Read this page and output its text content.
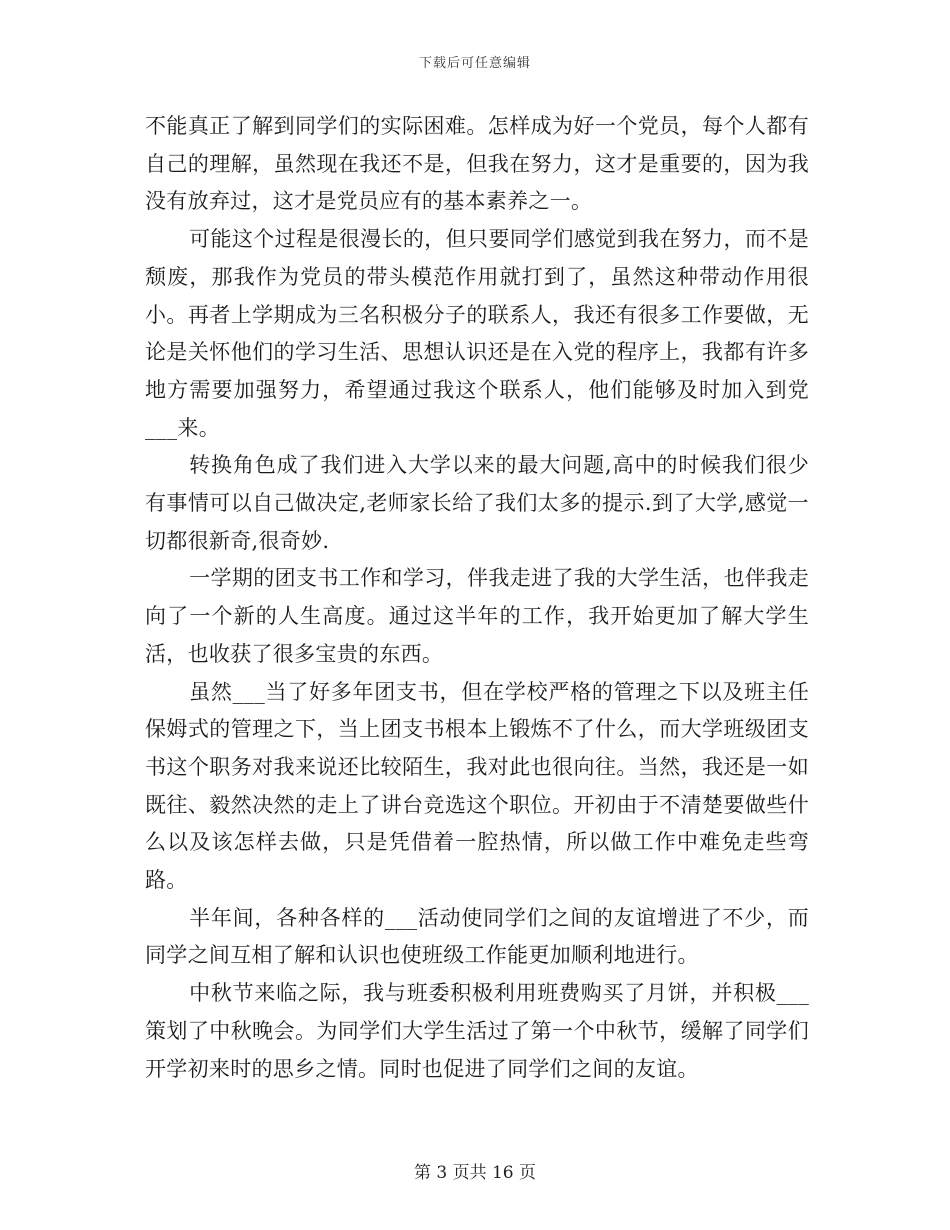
下载后可任意编辑

不能真正了解到同学们的实际困难。怎样成为好一个党员，每个人都有自己的理解，虽然现在我还不是，但我在努力，这才是重要的，因为我没有放弃过，这才是党员应有的基本素养之一。

可能这个过程是很漫长的，但只要同学们感觉到我在努力，而不是颓废，那我作为党员的带头模范作用就打到了，虽然这种带动作用很小。再者上学期成为三名积极分子的联系人，我还有很多工作要做，无论是关怀他们的学习生活、思想认识还是在入党的程序上，我都有许多地方需要加强努力，希望通过我这个联系人，他们能够及时加入到党___来。

转换角色成了我们进入大学以来的最大问题,高中的时候我们很少有事情可以自己做决定,老师家长给了我们太多的提示.到了大学,感觉一切都很新奇,很奇妙.

一学期的团支书工作和学习，伴我走进了我的大学生活，也伴我走向了一个新的人生高度。通过这半年的工作，我开始更加了解大学生活，也收获了很多宝贵的东西。

虽然___当了好多年团支书，但在学校严格的管理之下以及班主任保姆式的管理之下，当上团支书根本上锻炼不了什么，而大学班级团支书这个职务对我来说还比较陌生，我对此也很向往。当然，我还是一如既往、毅然决然的走上了讲台竞选这个职位。开初由于不清楚要做些什么以及该怎样去做，只是凭借着一腔热情，所以做工作中难免走些弯路。

半年间，各种各样的___活动使同学们之间的友谊增进了不少，而同学之间互相了解和认识也使班级工作能更加顺利地进行。

中秋节来临之际，我与班委积极利用班费购买了月饼，并积极___策划了中秋晚会。为同学们大学生活过了第一个中秋节，缓解了同学们开学初来时的思乡之情。同时也促进了同学们之间的友谊。

第 3 页共 16 页
